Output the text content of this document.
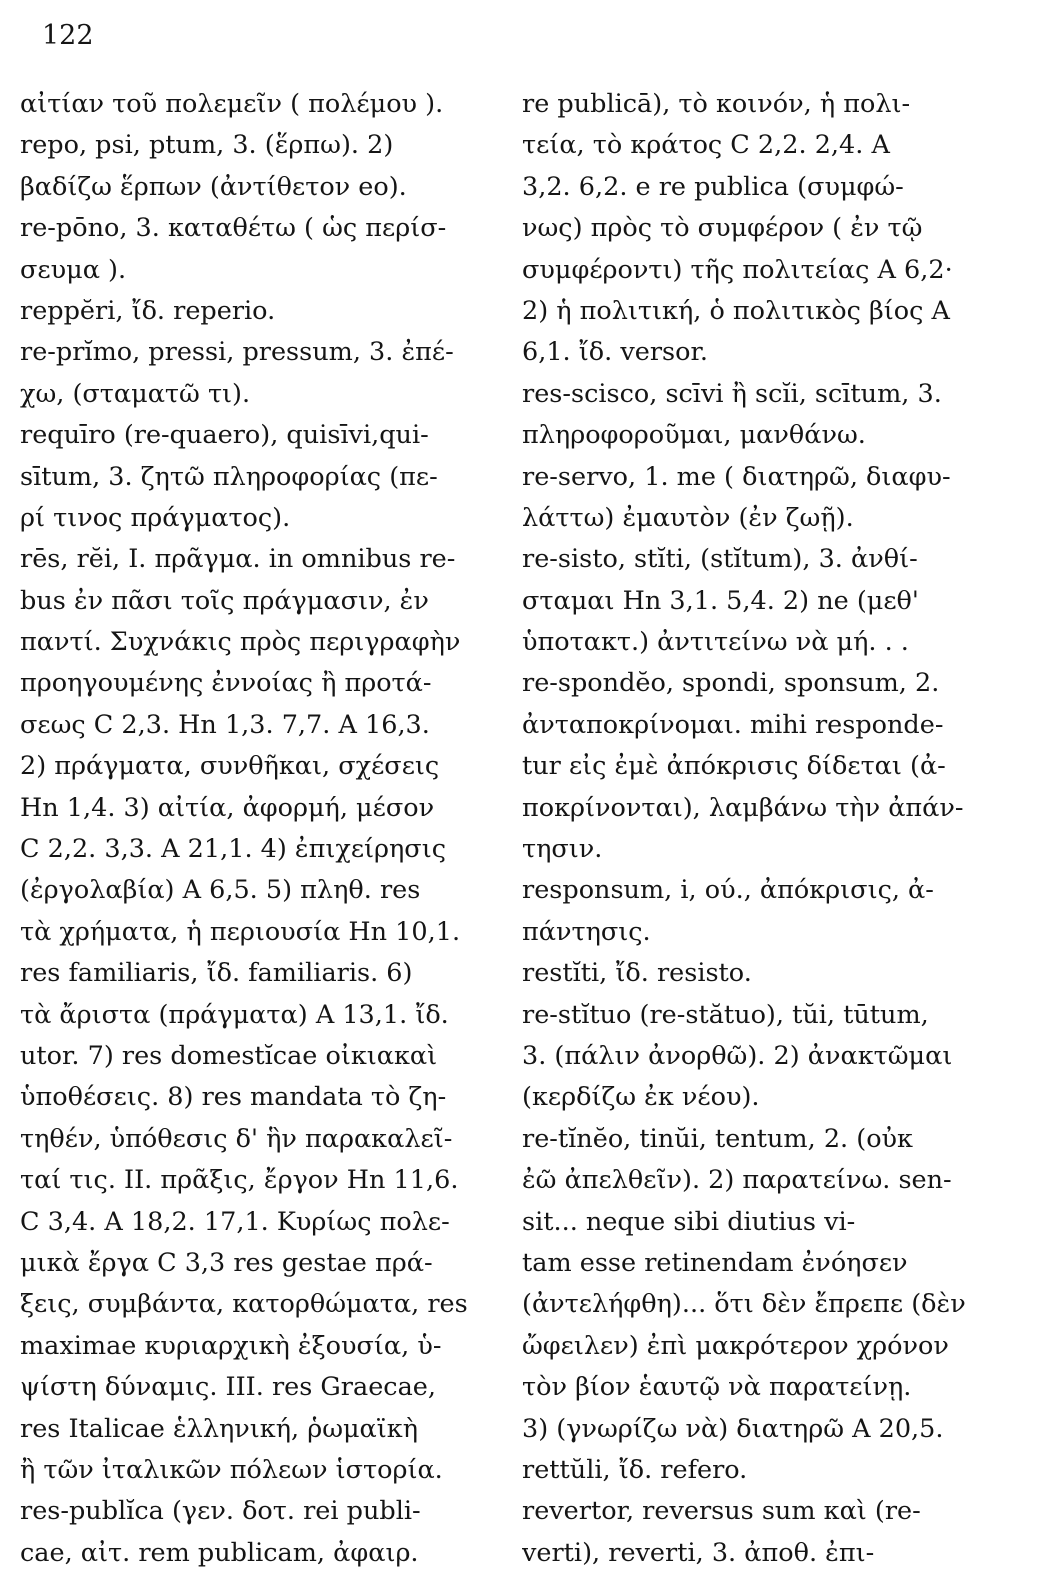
122
αἰτίαν τοῦ πολεμεῖν ( πολέμου ).
repo, psi, ptum, 3. (ἕρπω). 2)
βαδίζω ἕρπων (ἀντίθετον eo).
re-pōno, 3. καταθέτω ( ὡς περίσ-
σευμα ).
reppĕri, ἴδ. reperio.
re-prĭmo, pressi, pressum, 3. ἐπέ-
χω, (σταματῶ τι).
requīro (re-quaero), quisīvi,qui-
sītum, 3. ζητῶ πληροφορίας (πε-
ρί τινος πράγματος).
rēs, rĕi, I. πρᾶγμα. in omnibus re-
bus ἐν πᾶσι τοῖς πράγμασιν, ἐν
παντί. Συχνάκις πρὸς περιγραφὴν
προηγουμένης ἐννοίας ἢ προτά-
σεως C 2,3. Hn 1,3. 7,7. A 16,3.
2) πράγματα, συνθῆκαι, σχέσεις
Hn 1,4. 3) αἰτία, ἀφορμή, μέσον
C 2,2. 3,3. A 21,1. 4) ἐπιχείρησις
(ἐργολαβία) A 6,5. 5) πληθ. res
τὰ χρήματα, ἡ περιουσία Hn 10,1.
res familiaris, ἴδ. familiaris. 6)
τὰ ἄριστα (πράγματα) A 13,1. ἴδ.
utor. 7) res domestĭcae οἰκιακαὶ
ὑποθέσεις. 8) res mandata τὸ ζη-
τηθέν, ὑπόθεσις δ' ἣν παρακαλεῖ-
ταί τις. II. πρᾶξις, ἔργον Hn 11,6.
C 3,4. A 18,2. 17,1. Κυρίως πολε-
μικὰ ἔργα C 3,3 res gestae πρά-
ξεις, συμβάντα, κατορθώματα, res
maximae κυριαρχικὴ ἐξουσία, ὑ-
ψίστη δύναμις. III. res Graecae,
res Italicae ἑλληνική, ῥωμαϊκὴ
ἢ τῶν ἰταλικῶν πόλεων ἱστορία.
res-publĭca (γεν. δοτ. rei publi-
cae, αἰτ. rem publicam, ἀφαιρ.
re publicā), τὸ κοινόν, ἡ πολι-
τεία, τὸ κράτος C 2,2. 2,4. A
3,2. 6,2. e re publica (συμφώ-
νως) πρὸς τὸ συμφέρον ( ἐν τῷ
συμφέροντι) τῆς πολιτείας A 6,2·
2) ἡ πολιτική, ὁ πολιτικὸς βίος A
6,1. ἴδ. versor.
res-scisco, scīvi ἢ scĭi, scītum, 3.
πληροφοροῦμαι, μανθάνω.
re-servo, 1. me ( διατηρῶ, διαφυ-
λάττω) ἐμαυτὸν (ἐν ζωῇ).
re-sisto, stĭti, (stĭtum), 3. ἀνθί-
σταμαι Hn 3,1. 5,4. 2) ne (μεθ'
ὑποτακτ.) ἀντιτείνω νὰ μή. . .
re-spondĕo, spondi, sponsum, 2.
ἀνταποκρίνομαι. mihi responde-
tur εἰς ἐμὲ ἀπόκρισις δίδεται (ἀ-
ποκρίνονται), λαμβάνω τὴν ἀπάν-
τησιν.
responsum, i, ού., ἀπόκρισις, ἀ-
πάντησις.
restĭti, ἴδ. resisto.
re-stĭtuo (re-stătuo), tŭi, tūtum,
3. (πάλιν ἀνορθῶ). 2) ἀνακτῶμαι
(κερδίζω ἐκ νέου).
re-tĭnĕo, tinŭi, tentum, 2. (οὐκ
ἐῶ ἀπελθεῖν). 2) παρατείνω. sen-
sit... neque sibi diutius vi-
tam esse retinendam ἐνόησεν
(ἀντελήφθη)... ὅτι δὲν ἔπρεπε (δὲν
ὤφειλεν) ἐπὶ μακρότερον χρόνον
τὸν βίον ἑαυτῷ νὰ παρατείνῃ.
3) (γνωρίζω νὰ) διατηρῶ A 20,5.
rettŭli, ἴδ. refero.
revertor, reversus sum καὶ (re-
verti), reverti, 3. ἀποθ. ἐπι-
